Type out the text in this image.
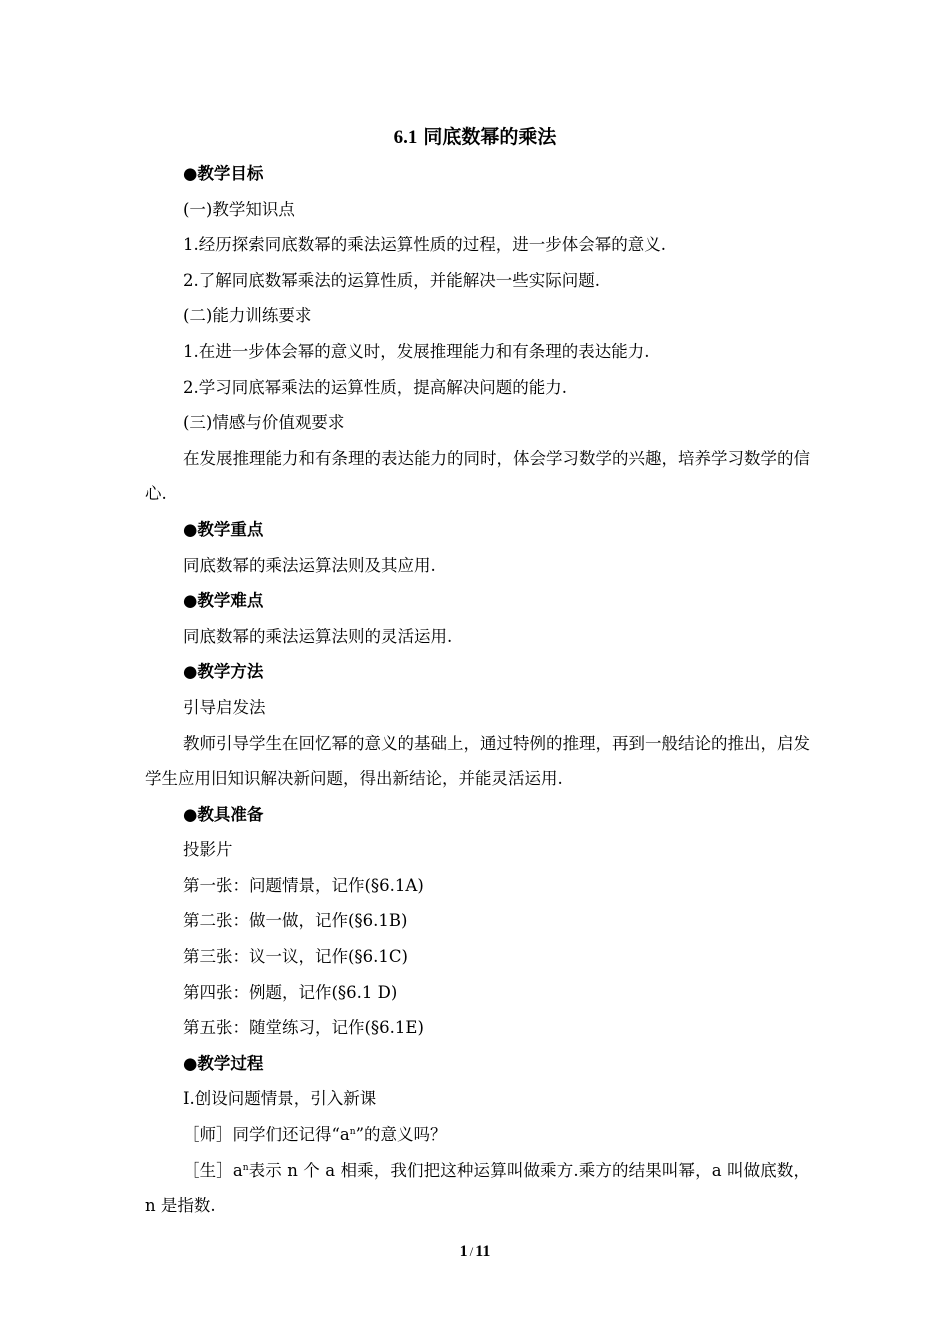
6.1 同底数幂的乘法

●教学目标

(一)教学知识点

1.经历探索同底数幂的乘法运算性质的过程，进一步体会幂的意义.

2.了解同底数幂乘法的运算性质，并能解决一些实际问题.

(二)能力训练要求

1.在进一步体会幂的意义时，发展推理能力和有条理的表达能力.

2.学习同底幂乘法的运算性质，提高解决问题的能力.

(三)情感与价值观要求

在发展推理能力和有条理的表达能力的同时，体会学习数学的兴趣，培养学习数学的信心.

●教学重点

同底数幂的乘法运算法则及其应用.

●教学难点

同底数幂的乘法运算法则的灵活运用.

●教学方法

引导启发法

教师引导学生在回忆幂的意义的基础上，通过特例的推理，再到一般结论的推出，启发学生应用旧知识解决新问题，得出新结论，并能灵活运用.

●教具准备

投影片

第一张：问题情景，记作(§6.1A)

第二张：做一做，记作(§6.1B)

第三张：议一议，记作(§6.1C)

第四张：例题，记作(§6.1 D)

第五张：随堂练习，记作(§6.1E)

●教学过程

Ⅰ.创设问题情景，引入新课

［师］同学们还记得“$a^n$”的意义吗？

［生$]a^n$表示 n 个 a 相乘，我们把这种运算叫做乘方.乘方的结果叫幂，a 叫做底数，n 是指数.

1 / 11
